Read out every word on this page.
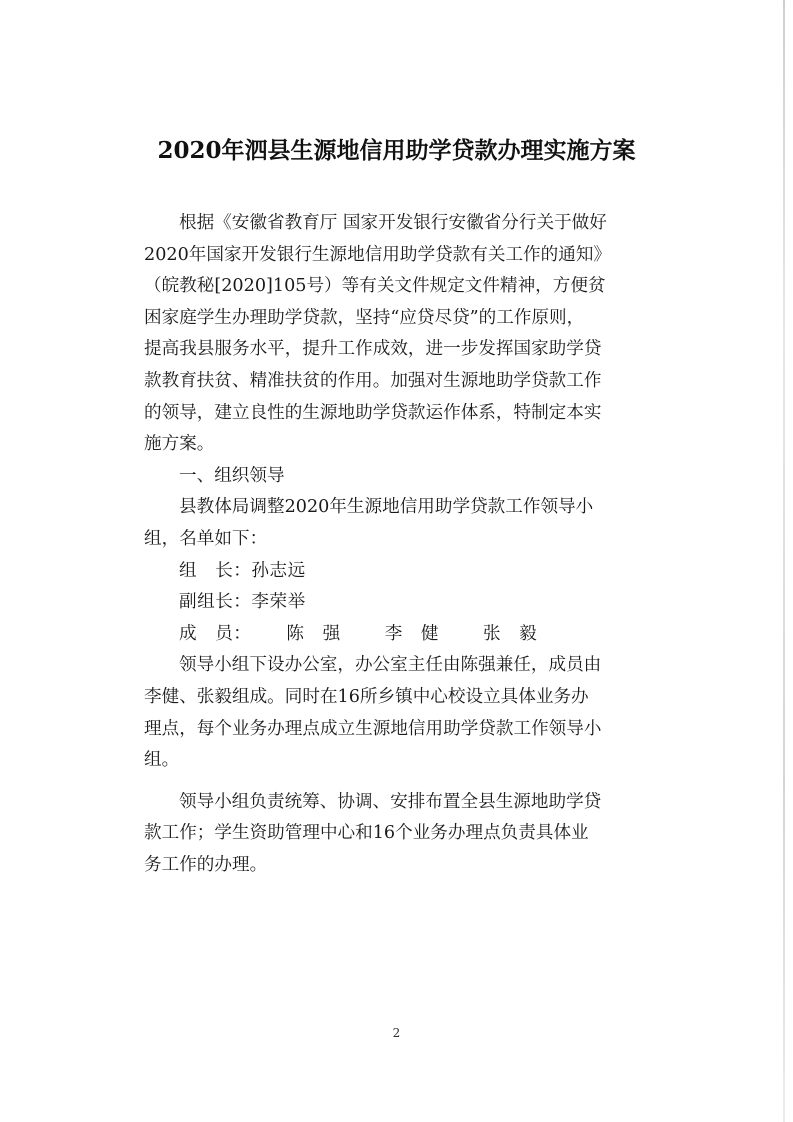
2020年泗县生源地信用助学贷款办理实施方案

根据《安徽省教育厅 国家开发银行安徽省分行关于做好

2020年国家开发银行生源地信用助学贷款有关工作的通知》

（皖教秘[2020]105号）等有关文件规定文件精神，方便贫

困家庭学生办理助学贷款，坚持“应贷尽贷”的工作原则，

提高我县服务水平，提升工作成效，进一步发挥国家助学贷

款教育扶贫、精准扶贫的作用。加强对生源地助学贷款工作

的领导，建立良性的生源地助学贷款运作体系，特制定本实

施方案。

一、组织领导

县教体局调整2020年生源地信用助学贷款工作领导小

组，名单如下：

组　长：孙志远

副组长：李荣举

成　员： 陈　强	李　健	张　毅

领导小组下设办公室，办公室主任由陈强兼任，成员由

李健、张毅组成。同时在16所乡镇中心校设立具体业务办

理点，每个业务办理点成立生源地信用助学贷款工作领导小

组。

领导小组负责统筹、协调、安排布置全县生源地助学贷

款工作；学生资助管理中心和16个业务办理点负责具体业

务工作的办理。

2
